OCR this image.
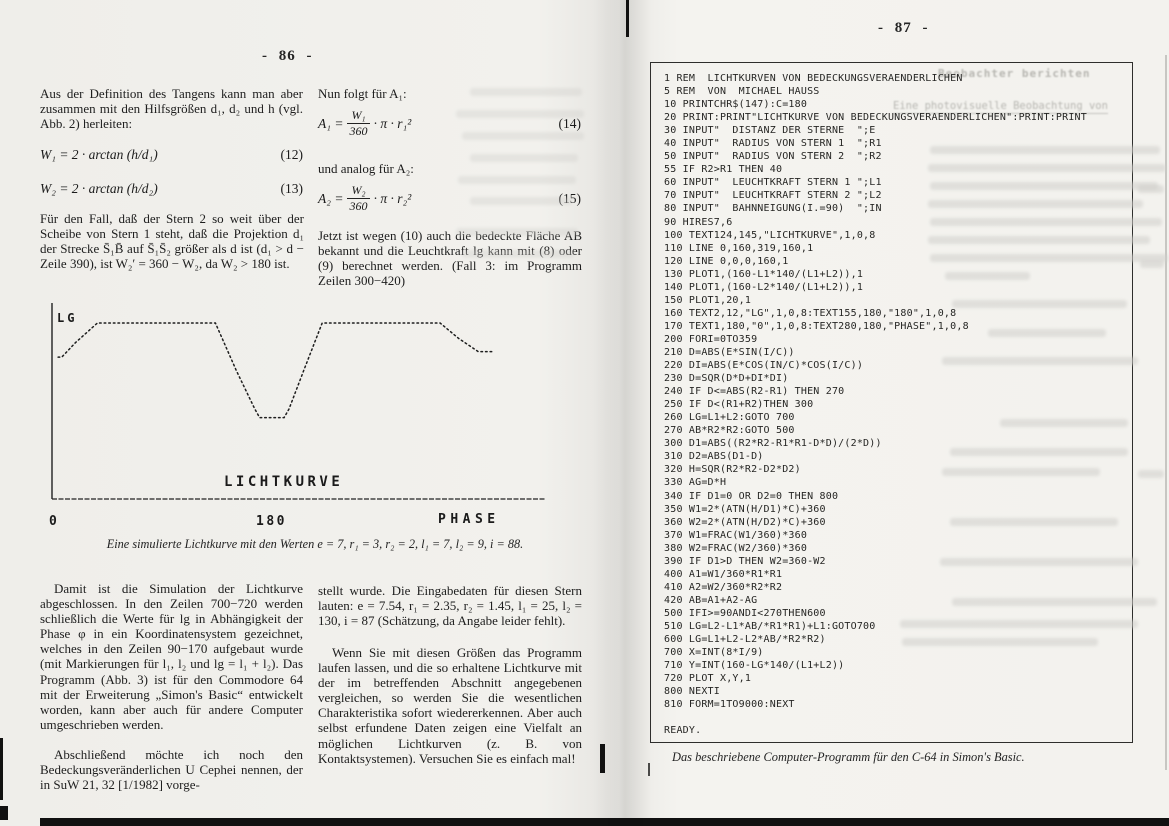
- 86 -
Aus der Definition des Tangens kann man aber zusammen mit den Hilfsgrößen d₁, d₂ und h (vgl. Abb. 2) herleiten:
W₁ = 2 · arctan (h/d₁)	(12)
W₂ = 2 · arctan (h/d₂)	(13)
Für den Fall, daß der Stern 2 so weit über der Scheibe von Stern 1 steht, daß die Projektion d₁ der Strecke S̄₁B̄ auf S̄₁S̄₂ größer als d ist (d₁ > d − Zeile 390), ist W₂′ = 360 − W₂, da W₂ > 180 ist.
Nun folgt für A₁:
$A_1 = \frac{\text{W₁}}{360} \cdot \pi \cdot r_1^2$	(14)
und analog für A₂:
$A_2 = \frac{\text{W₂}}{360} \cdot \pi \cdot r_2^2$	(15)
Jetzt ist wegen (10) auch die bedeckte Fläche AB bekannt und die Leuchtkraft lg kann mit (8) oder (9) berechnet werden. (Fall 3: im Programm Zeilen 300−420)
LG
LICHTKURVE
0	180	PHASE
Eine simulierte Lichtkurve mit den Werten e = 7, r₁ = 3, r₂ = 2, l₁ = 7, l₂ = 9, i = 88.
Damit ist die Simulation der Lichtkurve abgeschlossen. In den Zeilen 700−720 werden schließlich die Werte für lg in Abhängigkeit der Phase φ in ein Koordinatensystem gezeichnet, welches in den Zeilen 90−170 aufgebaut wurde (mit Markierungen für l₁, l₂ und lg = l₁ + l₂). Das Programm (Abb. 3) ist für den Commodore 64 mit der Erweiterung „Simon's Basic“ entwickelt worden, kann aber auch für andere Computer umgeschrieben werden.
Abschließend möchte ich noch den Bedeckungsveränderlichen U Cephei nennen, der in SuW 21, 32 [1/1982] vorge-
stellt wurde. Die Eingabedaten für diesen Stern lauten: e = 7.54, r₁ = 2.35, r₂ = 1.45, l₁ = 25, l₂ = 130, i = 87 (Schätzung, da Angabe leider fehlt).
Wenn Sie mit diesen Größen das Programm laufen lassen, und die so erhaltene Lichtkurve mit der im betreffenden Abschnitt angegebenen vergleichen, so werden Sie die wesentlichen Charakteristika sofort wiedererkennen. Aber auch selbst erfundene Daten zeigen eine Vielfalt an möglichen Lichtkurven (z. B. von Kontaktsystemen). Versuchen Sie es einfach mal!
- 87 -
Beobachter berichten
Eine photovisuelle Beobachtung von
1 REM  LICHTKURVEN VON BEDECKUNGSVERAENDERLICHEN
5 REM  VON  MICHAEL HAUSS
10 PRINTCHR$(147):C=180
20 PRINT:PRINT"LICHTKURVE VON BEDECKUNGSVERAENDERLICHEN":PRINT:PRINT
30 INPUT"  DISTANZ DER STERNE  ";E
40 INPUT"  RADIUS VON STERN 1  ";R1
50 INPUT"  RADIUS VON STERN 2  ";R2
55 IF R2>R1 THEN 40
60 INPUT"  LEUCHTKRAFT STERN 1 ";L1
70 INPUT"  LEUCHTKRAFT STERN 2 ";L2
80 INPUT"  BAHNNEIGUNG(I.=90)  ";IN
90 HIRES7,6
100 TEXT124,145,"LICHTKURVE",1,0,8
110 LINE 0,160,319,160,1
120 LINE 0,0,0,160,1
130 PLOT1,(160-L1*140/(L1+L2)),1
140 PLOT1,(160-L2*140/(L1+L2)),1
150 PLOT1,20,1
160 TEXT2,12,"LG",1,0,8:TEXT155,180,"180",1,0,8
170 TEXT1,180,"0",1,0,8:TEXT280,180,"PHASE",1,0,8
200 FORI=0TO359
210 D=ABS(E*SIN(I/C))
220 DI=ABS(E*COS(IN/C)*COS(I/C))
230 D=SQR(D*D+DI*DI)
240 IF D<=ABS(R2-R1) THEN 270
250 IF D<(R1+R2)THEN 300
260 LG=L1+L2:GOTO 700
270 AB*R2*R2:GOTO 500
300 D1=ABS((R2*R2-R1*R1-D*D)/(2*D))
310 D2=ABS(D1-D)
320 H=SQR(R2*R2-D2*D2)
330 AG=D*H
340 IF D1=0 OR D2=0 THEN 800
350 W1=2*(ATN(H/D1)*C)+360
360 W2=2*(ATN(H/D2)*C)+360
370 W1=FRAC(W1/360)*360
380 W2=FRAC(W2/360)*360
390 IF D1>D THEN W2=360-W2
400 A1=W1/360*R1*R1
410 A2=W2/360*R2*R2
420 AB=A1+A2-AG
500 IFI>=90ANDI<270THEN600
510 LG=L2-L1*AB/*R1*R1)+L1:GOTO700
600 LG=L1+L2-L2*AB/*R2*R2)
700 X=INT(8*I/9)
710 Y=INT(160-LG*140/(L1+L2))
720 PLOT X,Y,1
800 NEXTI
810 FORM=1TO9000:NEXT

READY.
Das beschriebene Computer-Programm für den C-64 in Simon's Basic.
